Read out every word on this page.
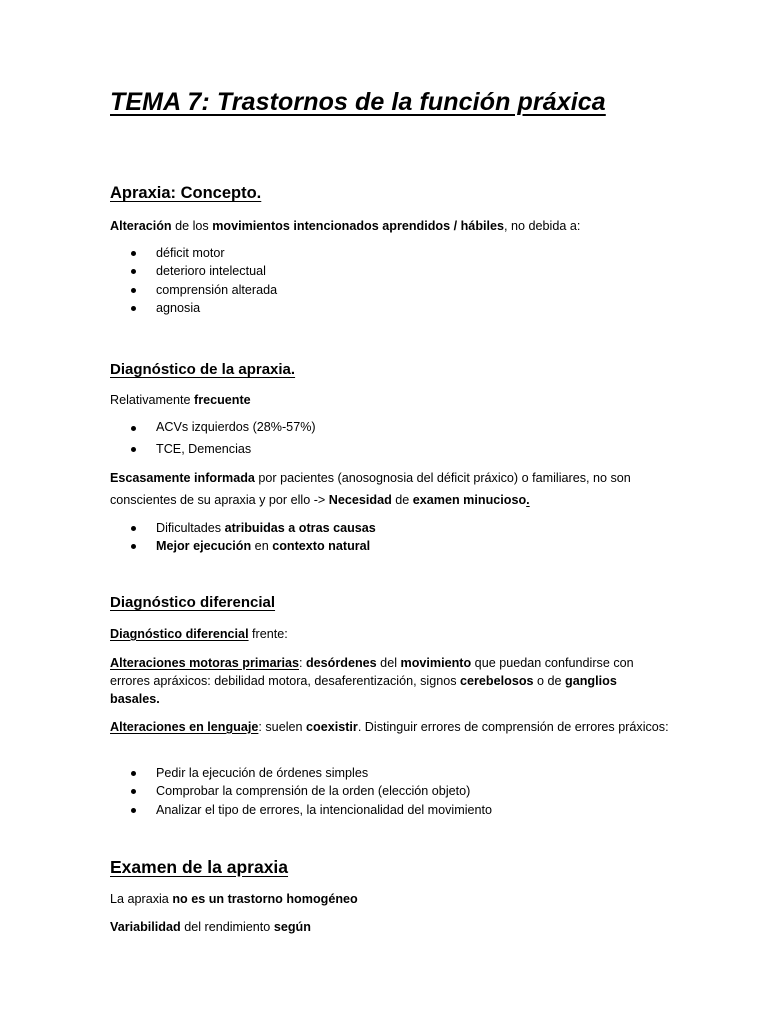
TEMA 7: Trastornos de la función práxica
Apraxia: Concepto.
Alteración de los movimientos intencionados aprendidos / hábiles, no debida a:
déficit motor
deterioro intelectual
comprensión alterada
agnosia
Diagnóstico de la apraxia.
Relativamente frecuente
ACVs izquierdos (28%-57%)
TCE, Demencias
Escasamente informada por pacientes (anosognosia del déficit práxico) o familiares, no son conscientes de su apraxia y por ello -> Necesidad de examen minucioso.
Dificultades atribuidas a otras causas
Mejor ejecución en contexto natural
Diagnóstico diferencial
Diagnóstico diferencial frente:
Alteraciones motoras primarias: desórdenes del movimiento que puedan confundirse con errores apráxicos: debilidad motora, desaferentización, signos cerebelosos o de ganglios basales.
Alteraciones en lenguaje: suelen coexistir. Distinguir errores de comprensión de errores práxicos:
Pedir la ejecución de órdenes simples
Comprobar la comprensión de la orden (elección objeto)
Analizar el tipo de errores, la intencionalidad del movimiento
Examen de la apraxia
La apraxia no es un trastorno homogéneo
Variabilidad del rendimiento según
